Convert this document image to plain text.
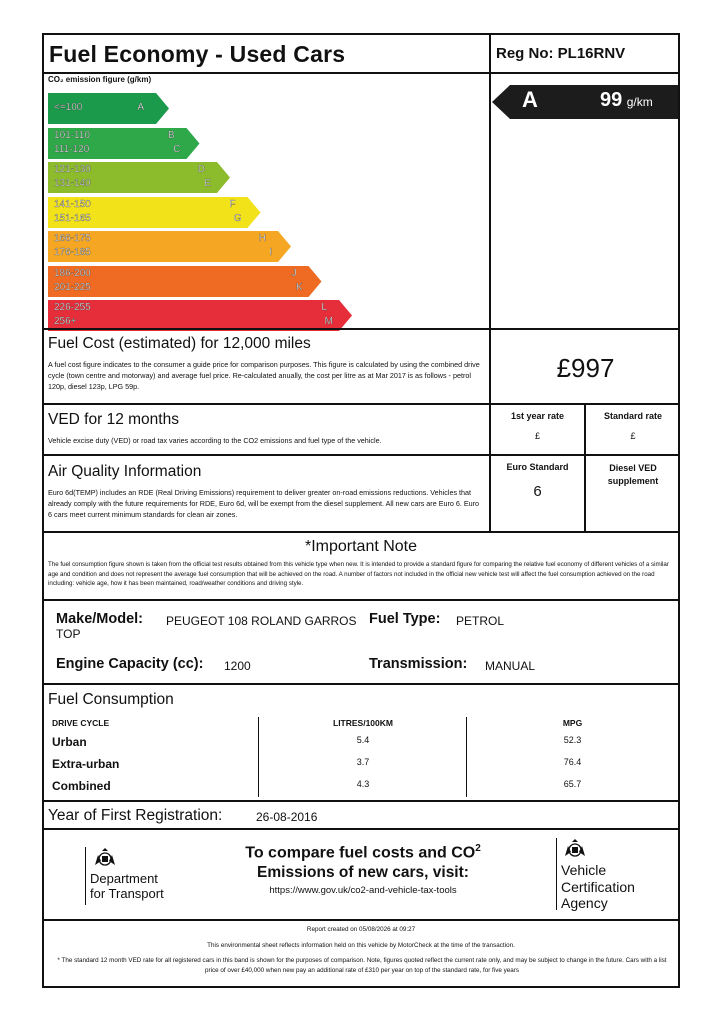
Fuel Economy - Used Cars	Reg No: PL16RNV
CO₂ emission figure (g/km)
<=100	A
101-110
111-120
B
C
121-130
131-140
D
E
141-150
151-165
F
G
166-175
176-185
H
I
186-200
201-225
J
K
226-255
256+
L
M
A	99 g/km
Fuel Cost (estimated) for 12,000 miles
A fuel cost figure indicates to the consumer a guide price for comparison purposes. This figure is calculated by using the combined drive cycle (town centre and motorway) and average fuel price. Re-calculated anually, the cost per litre as at Mar 2017 is as follows - petrol 120p, diesel 123p, LPG 59p.
£997
VED for 12 months
Vehicle excise duty (VED) or road tax varies according to the CO2 emissions and fuel type of the vehicle.
1st year rate
£
Standard rate
£
Air Quality Information
Euro 6d(TEMP) includes an RDE (Real Driving Emissions) requirement to deliver greater on-road emissions reductions. Vehicles that already comply with the future requirements for RDE, Euro 6d, will be exempt from the diesel supplement. All new cars are Euro 6. Euro 6 cars meet current minimum standards for clean air zones.
Euro Standard
6
Diesel VED supplement
*Important Note
The fuel consumption figure shown is taken from the official test results obtained from this vehicle type when new. It is intended to provide a standard figure for comparing the relative fuel economy of different vehicles of a similar age and condition and does not represent the average fuel consumption that will be achieved on the road. A number of factors not included in the official new vehicle test will affect the fuel consumption achieved on the road including: vehicle age, how it has been maintained, road/weather conditions and driving style.
Make/Model: PEUGEOT 108 ROLAND GARROS
TOP
Fuel Type: PETROL
Engine Capacity (cc): 1200	Transmission: MANUAL
Fuel Consumption
DRIVE CYCLE	LITRES/100KM	MPG
Urban	5.4	52.3
Extra-urban	3.7	76.4
Combined	4.3	65.7
Year of First Registration:	26-08-2016
Department
for Transport
To compare fuel costs and $CO^2$
Emissions of new cars, visit:
https://www.gov.uk/co2-and-vehicle-tax-tools
Vehicle
Certification
Agency
Report created on 05/08/2026 at 09:27
This environmental sheet reflects information held on this vehicle by MotorCheck at the time of the transaction.
* The standard 12 month VED rate for all registered cars in this band is shown for the purposes of comparison. Note, figures quoted reflect the current rate only, and may be subject to change in the future. Cars with a list price of over £40,000 when new pay an additional rate of £310 per year on top of the standard rate, for five years
